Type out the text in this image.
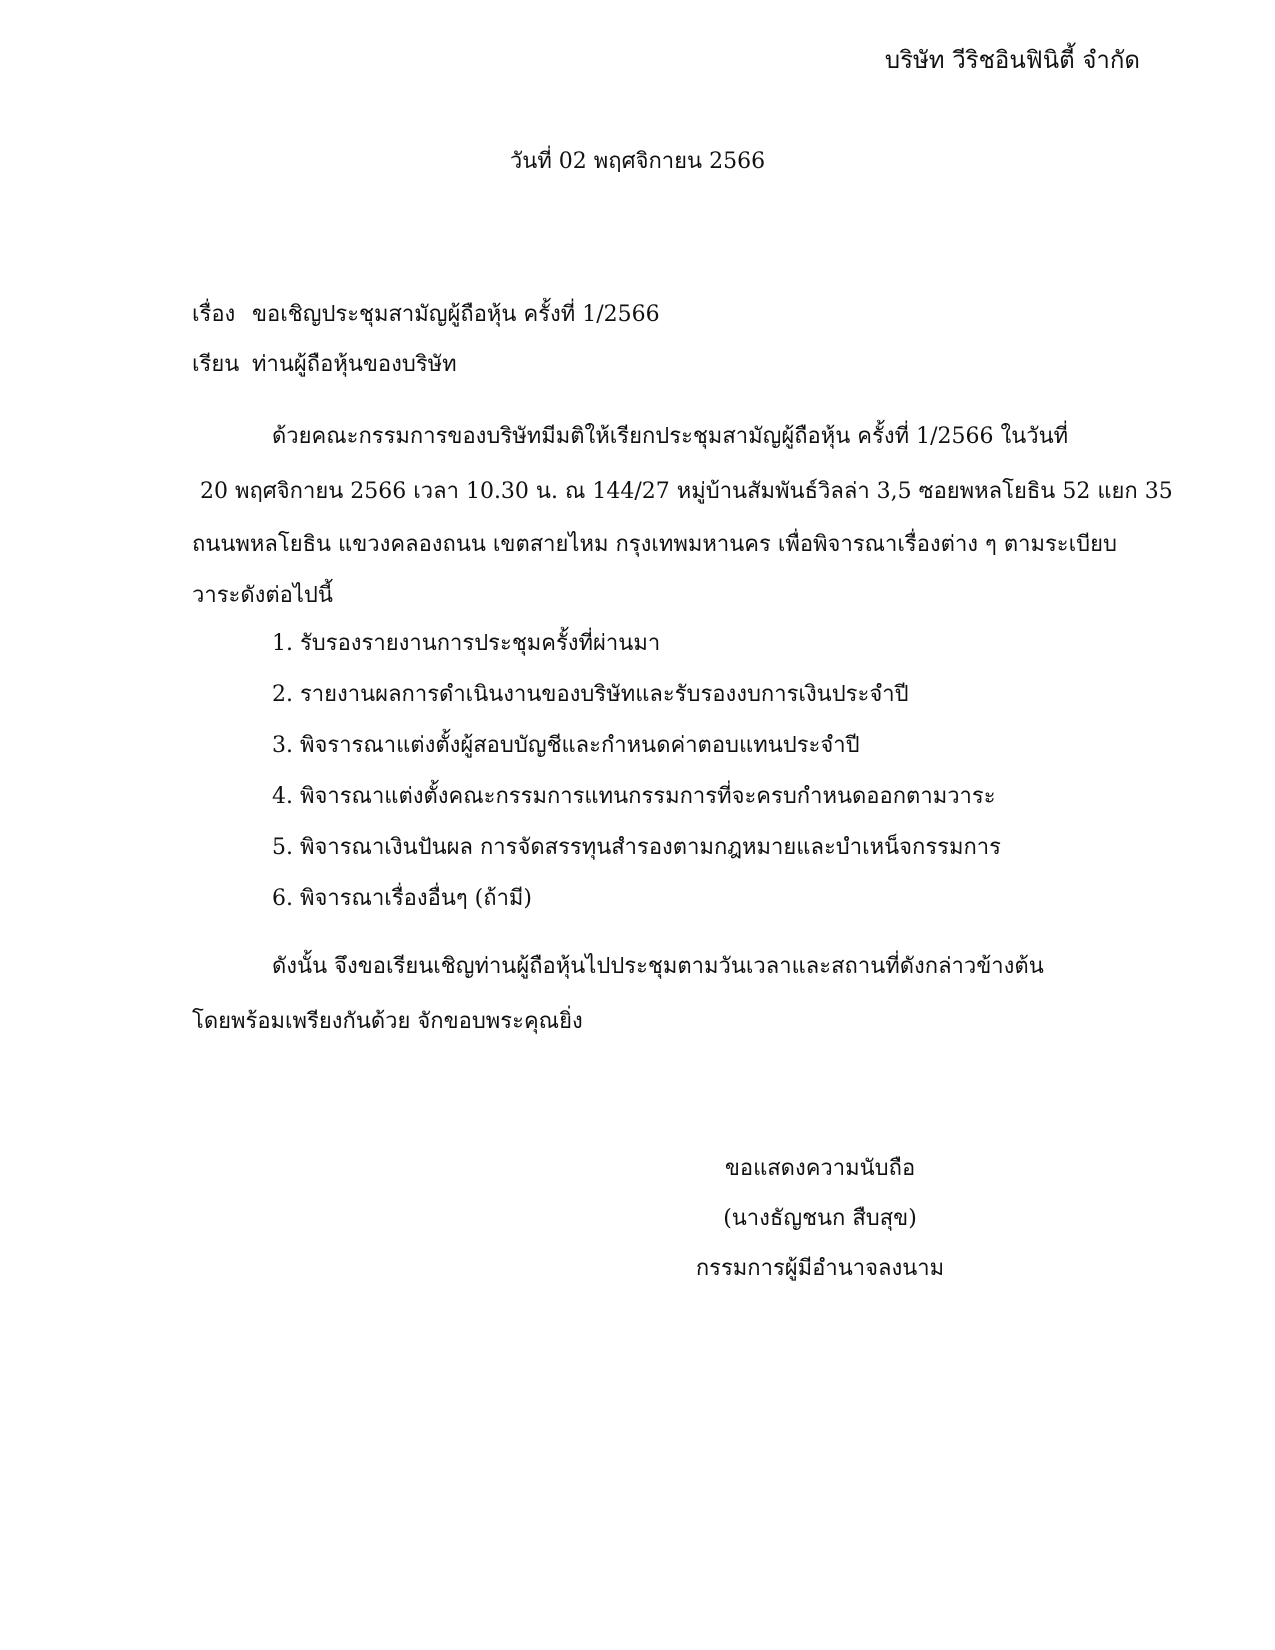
บริษัท วีริชอินฟินิตี้ จำกัด
วันที่ 02 พฤศจิกายน 2566
เรื่อง ขอเชิญประชุมสามัญผู้ถือหุ้น ครั้งที่ 1/2566
เรียน ท่านผู้ถือหุ้นของบริษัท
ด้วยคณะกรรมการของบริษัทมีมติให้เรียกประชุมสามัญผู้ถือหุ้น ครั้งที่ 1/2566 ในวันที่
20 พฤศจิกายน 2566 เวลา 10.30 น. ณ 144/27 หมู่บ้านสัมพันธ์วิลล่า 3,5 ซอยพหลโยธิน 52 แยก 35
ถนนพหลโยธิน แขวงคลองถนน เขตสายไหม กรุงเทพมหานคร เพื่อพิจารณาเรื่องต่าง ๆ ตามระเบียบ
วาระดังต่อไปนี้
1. รับรองรายงานการประชุมครั้งที่ผ่านมา
2. รายงานผลการดำเนินงานของบริษัทและรับรองงบการเงินประจำปี
3. พิจรารณาแต่งตั้งผู้สอบบัญชีและกำหนดค่าตอบแทนประจำปี
4. พิจารณาแต่งตั้งคณะกรรมการแทนกรรมการที่จะครบกำหนดออกตามวาระ
5. พิจารณาเงินปันผล การจัดสรรทุนสำรองตามกฎหมายและบำเหน็จกรรมการ
6. พิจารณาเรื่องอื่นๆ (ถ้ามี)
ดังนั้น จึงขอเรียนเชิญท่านผู้ถือหุ้นไปประชุมตามวันเวลาและสถานที่ดังกล่าวข้างต้น
โดยพร้อมเพรียงกันด้วย จักขอบพระคุณยิ่ง
ขอแสดงความนับถือ
(นางธัญชนก สืบสุข)
กรรมการผู้มีอำนาจลงนาม
